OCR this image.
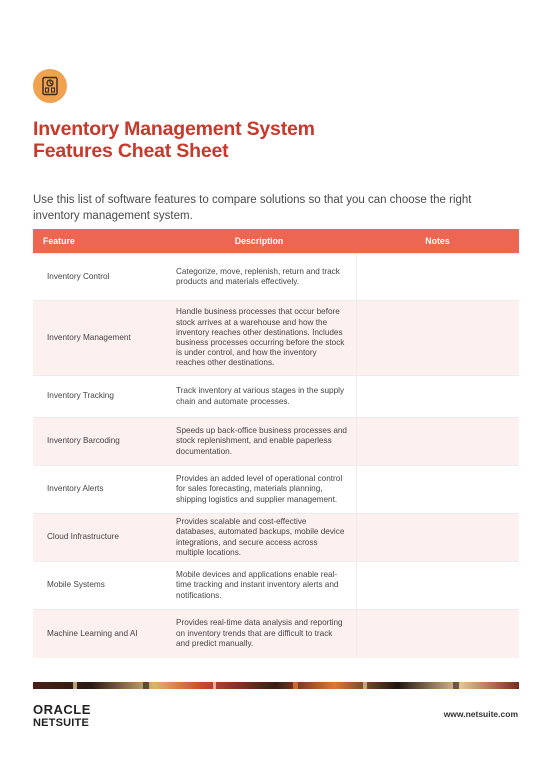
Inventory Management System
Features Cheat Sheet

Use this list of software features to compare solutions so that you can choose the right inventory management system.

Feature	Description	Notes
Inventory Control	Categorize, move, replenish, return and track products and materials effectively.	
Inventory Management	Handle business processes that occur before stock arrives at a warehouse and how the inventory reaches other destinations. Includes business processes occurring before the stock is under control, and how the inventory reaches other destinations.	
Inventory Tracking	Track inventory at various stages in the supply chain and automate processes.	
Inventory Barcoding	Speeds up back-office business processes and stock replenishment, and enable paperless documentation.	
Inventory Alerts	Provides an added level of operational control for sales forecasting, materials planning, shipping logistics and supplier management.	
Cloud Infrastructure	Provides scalable and cost-effective databases, automated backups, mobile device integrations, and secure access across multiple locations.	
Mobile Systems	Mobile devices and applications enable real-time tracking and instant inventory alerts and notifications.	
Machine Learning and AI	Provides real-time data analysis and reporting on inventory trends that are difficult to track and predict manually.	
ORACLE
NETSUITE
www.netsuite.com
